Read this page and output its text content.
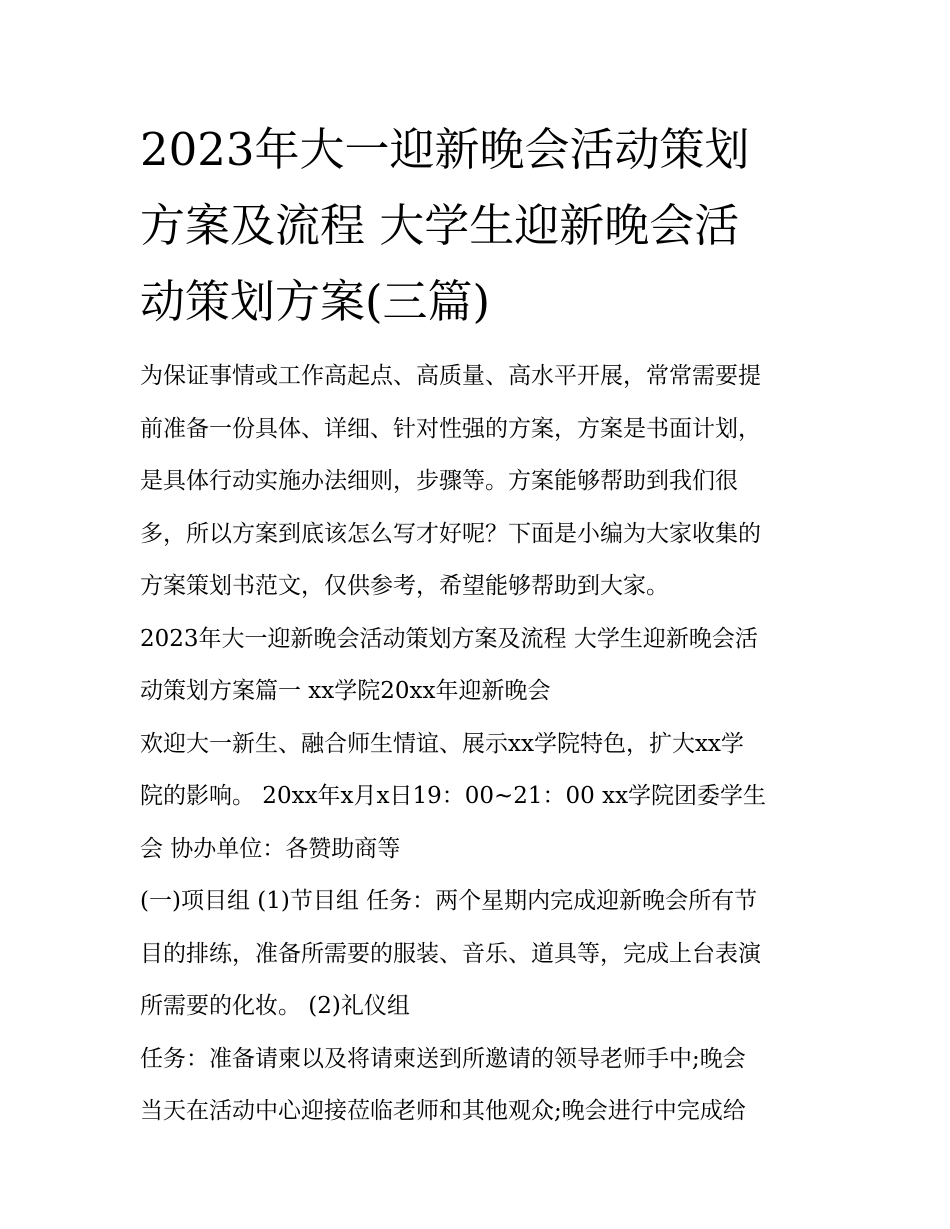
2023年大一迎新晚会活动策划
方案及流程 大学生迎新晚会活
动策划方案(三篇)

为保证事情或工作高起点、高质量、高水平开展，常常需要提
前准备一份具体、详细、针对性强的方案，方案是书面计划，
是具体行动实施办法细则，步骤等。方案能够帮助到我们很
多，所以方案到底该怎么写才好呢？下面是小编为大家收集的
方案策划书范文，仅供参考，希望能够帮助到大家。

2023年大一迎新晚会活动策划方案及流程 大学生迎新晚会活
动策划方案篇一 xx学院20xx年迎新晚会

欢迎大一新生、融合师生情谊、展示xx学院特色，扩大xx学
院的影响。 20xx年x月x日19：00~21：00 xx学院团委学生
会 协办单位：各赞助商等

(一)项目组 (1)节目组 任务：两个星期内完成迎新晚会所有节
目的排练，准备所需要的服装、音乐、道具等，完成上台表演
所需要的化妆。 (2)礼仪组

任务：准备请柬以及将请柬送到所邀请的领导老师手中;晚会
当天在活动中心迎接莅临老师和其他观众;晚会进行中完成给
